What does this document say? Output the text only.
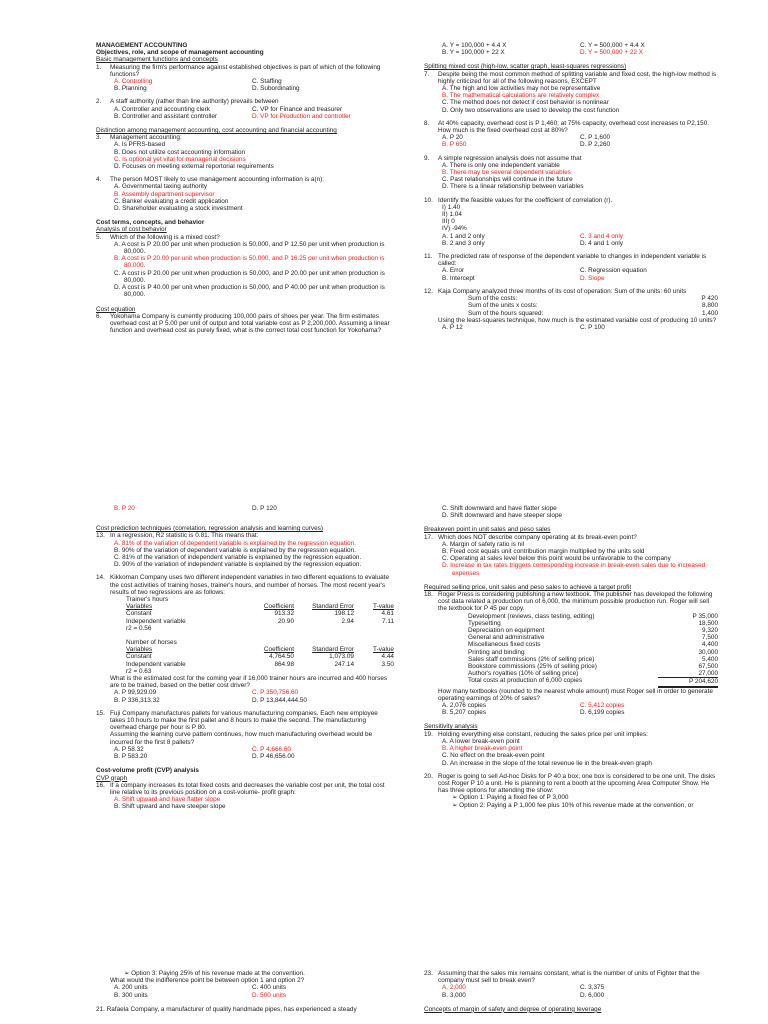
MANAGEMENT ACCOUNTING
Objectives, role, and scope of management accounting
Basic management functions and concepts
1. Measuring the firm's performance against established objectives is part of which of the following functions?
A. Controlling	C. Staffing
B. Planning	D. Subordinating
2. A staff authority (rather than line authority) prevails between
A. Controller and accounting clerk	C. VP for Finance and treasurer
B. Controller and assistant controller	D. VP for Production and controller
Distinction among management accounting, cost accounting and financial accounting
3. Management accounting:
A. Is PFRS-based
B. Does not utilize cost accounting information
C. Is optional yet vital for managerial decisions
D. Focuses on meeting external reportorial requirements
4. The person MOST likely to use management accounting information is a(n):
A. Governmental taxing authority
B. Assembly department supervisor
C. Banker evaluating a credit application
D. Shareholder evaluating a stock investment
Cost terms, concepts, and behavior
Analysis of cost behavior
5. Which of the following is a mixed cost?
A. A cost is P 20.00 per unit when production is 50,000, and P 12.50 per unit when production is 80,000.
B. A cost is P 20.00 per unit when production is 50,000, and P 16.25 per unit when production is 80,000.
C. A cost is P 20.00 per unit when production is 50,000, and P 20.00 per unit when production is 80,000.
D. A cost is P 40.00 per unit when production is 50,000, and P 40.00 per unit when production is 80,000.
Cost equation
6. Yokohama Company is currently producing 100,000 pairs of shoes per year. The firm estimates overhead cost at P 5.00 per unit of output and total variable cost as P 2,200,000. Assuming a linear function and overhead cost as purely fixed, what is the correct total cost function for Yokohama?
A. Y = 100,000 + 4.4 X	C. Y = 500,000 + 4.4 X
B. Y = 100,000 + 22 X	D. Y = 500,000 + 22 X
Splitting mixed cost (high-low, scatter graph, least-squares regressions)
7. Despite being the most common method of splitting variable and fixed cost, the high-low method is highly criticized for all of the following reasons, EXCEPT
A. The high and low activities may not be representative
B. The mathematical calculations are relatively complex
C. The method does not detect if cost behavior is nonlinear
D. Only two observations are used to develop the cost function
8. At 40% capacity, overhead cost is P 1,460; at 75% capacity, overhead cost increases to P2,150. How much is the fixed overhead cost at 80%?
A. P 20	C. P 1,600
B. P 650	D. P 2,260
9. A simple regression analysis does not assume that
A. There is only one independent variable
B. There may be several dependent variables
C. Past relationships will continue in the future
D. There is a linear relationship between variables
10. Identify the feasible values for the coefficient of correlation (r).
I) 1.40
II) 1.04
III) 0
IV) -94%
A. 1 and 2 only	C. 3 and 4 only
B. 2 and 3 only	D. 4 and 1 only
11. The predicted rate of response of the dependent variable to changes in independent variable is called:
A. Error	C. Regression equation
B. Intercept	D. Slope
12. Kaja Company analyzed three months of its cost of operation: Sum of the units: 60 units
Sum of the costs:	P 420
Sum of the units x costs:	8,800
Sum of the hours squared:	1,400
Using the least-squares technique, how much is the estimated variable cost of producing 10 units?
A. P 12	C. P 100
B. P 20	D. P 120
Cost prediction techniques (correlation, regression analysis and learning curves)
13. In a regression, R2 statistic is 0.81. This means that:
A. 81% of the variation of dependent variable is explained by the regression equation.
B. 90% of the variation of dependent variable is explained by the regression equation.
C. 81% of the variation of independent variable is explained by the regression equation.
D. 90% of the variation of independent variable is explained by the regression equation.
14. Kikkoman Company uses two different independent variables in two different equations to evaluate the cost activities of training hoses, trainer's hours, and number of horses. The most recent year's results of two regressions are as follows:
Trainer's hours
Variables	Coefficient	Standard Error	T-value
Constant	913.32	198.12	4.61
Independent variable	20.90	2.94	7.11
r2 = 0.56
Number of horses
Variables	Coefficient	Standard Error	T-value
Constant	4,764.50	1,073.09	4.44
Independent variable	864.98	247.14	3.50
r2 = 0.63
What is the estimated cost for the coming year if 16,000 trainer hours are incurred and 400 horses are to be trained, based on the better cost driver?
A. P 99,929.09	C. P 350,756.60
B. P 336,313.32	D. P 13,844,444.50
15. Fuji Company manufactures pallets for various manufacturing companies. Each new employee takes 10 hours to make the first pallet and 8 hours to make the second. The manufacturing overhead charge per hour is P 80.
Assuming the learning curve pattern continues, how much manufacturing overhead would be incurred for the first 8 pallets?
A. P 58.32	C. P 4,666.60
B. P 583.20	D. P 46,656.00
Cost-volume profit (CVP) analysis
CVP graph
16. If a company increases its total fixed costs and decreases the variable cost per unit, the total cost line relative to its previous position on a cost-volume- profit graph:
A. Shift upward and have flatter slope
B. Shift upward and have steeper slope
C. Shift downward and have flatter slope
D. Shift downward and have steeper slope
Breakeven point in unit sales and peso sales
17. Which does NOT describe company operating at its break-even point?
A. Margin of safety ratio is nil
B. Fixed cost equals unit contribution margin multiplied by the units sold
C. Operating at sales level below this point would be unfavorable to the company
D. Increase in tax rates triggers corresponding increase in break-even sales due to increased expenses
Required selling price, unit sales and peso sales to achieve a target profit
18. Roger Press is considering publishing a new textbook. The publisher has developed the following cost data related a production run of 6,000, the minimum possible production run. Roger will sell the textbook for P 45 per copy.
Development (reviews, class testing, editing)	P 35,000
Typesetting	18,500
Depreciation on equipment	9,320
General and administrative	7,500
Miscellaneous fixed costs	4,400
Printing and binding	30,000
Sales staff commissions (2% of selling price)	5,400
Bookstore commissions (25% of selling price)	67,500
Author's royalties (10% of selling price)	27,000
Total costs at production of 6,000 copies	P 204,620
How many textbooks (rounded to the nearest whole amount) must Roger sell in order to generate operating earnings of 20% of sales?
A. 2,076 copies	C. 5,412 copies
B. 5,207 copies	D. 6,199 copies
Sensitivity analysis
19. Holding everything else constant, reducing the sales price per unit implies:
A. A lower break-even point
B. A higher break-even point
C. No effect on the break-even point
D. An increase in the slope of the total revenue lie in the break-even graph
20. Roger is going to sell Ad-hoc Disks for P 40 a box; one box is considered to be one unit. The disks cost Roger P 10 a unit. He is planning to rent a booth at the upcoming Area Computer Show. He has three options for attending the show:
➢ Option 1: Paying a fixed fee of P 3,000
➢ Option 2: Paying a P 1,000 fee plus 10% of his revenue made at the convention, or
➢ Option 3: Paying 25% of his revenue made at the convention.
What would the indifference point be between option 1 and option 2?
A. 200 units	C. 400 units
B. 300 units	D. 500 units
21. Rafaela Company, a manufacturer of quality handmade pipes, has experienced a steady
23. Assuming that the sales mix remains constant, what is the number of units of Fighter that the company must sell to break even?
A. 2,000	C. 3,375
B. 3,000	D. 6,000
Concepts of margin of safety and degree of operating leverage
